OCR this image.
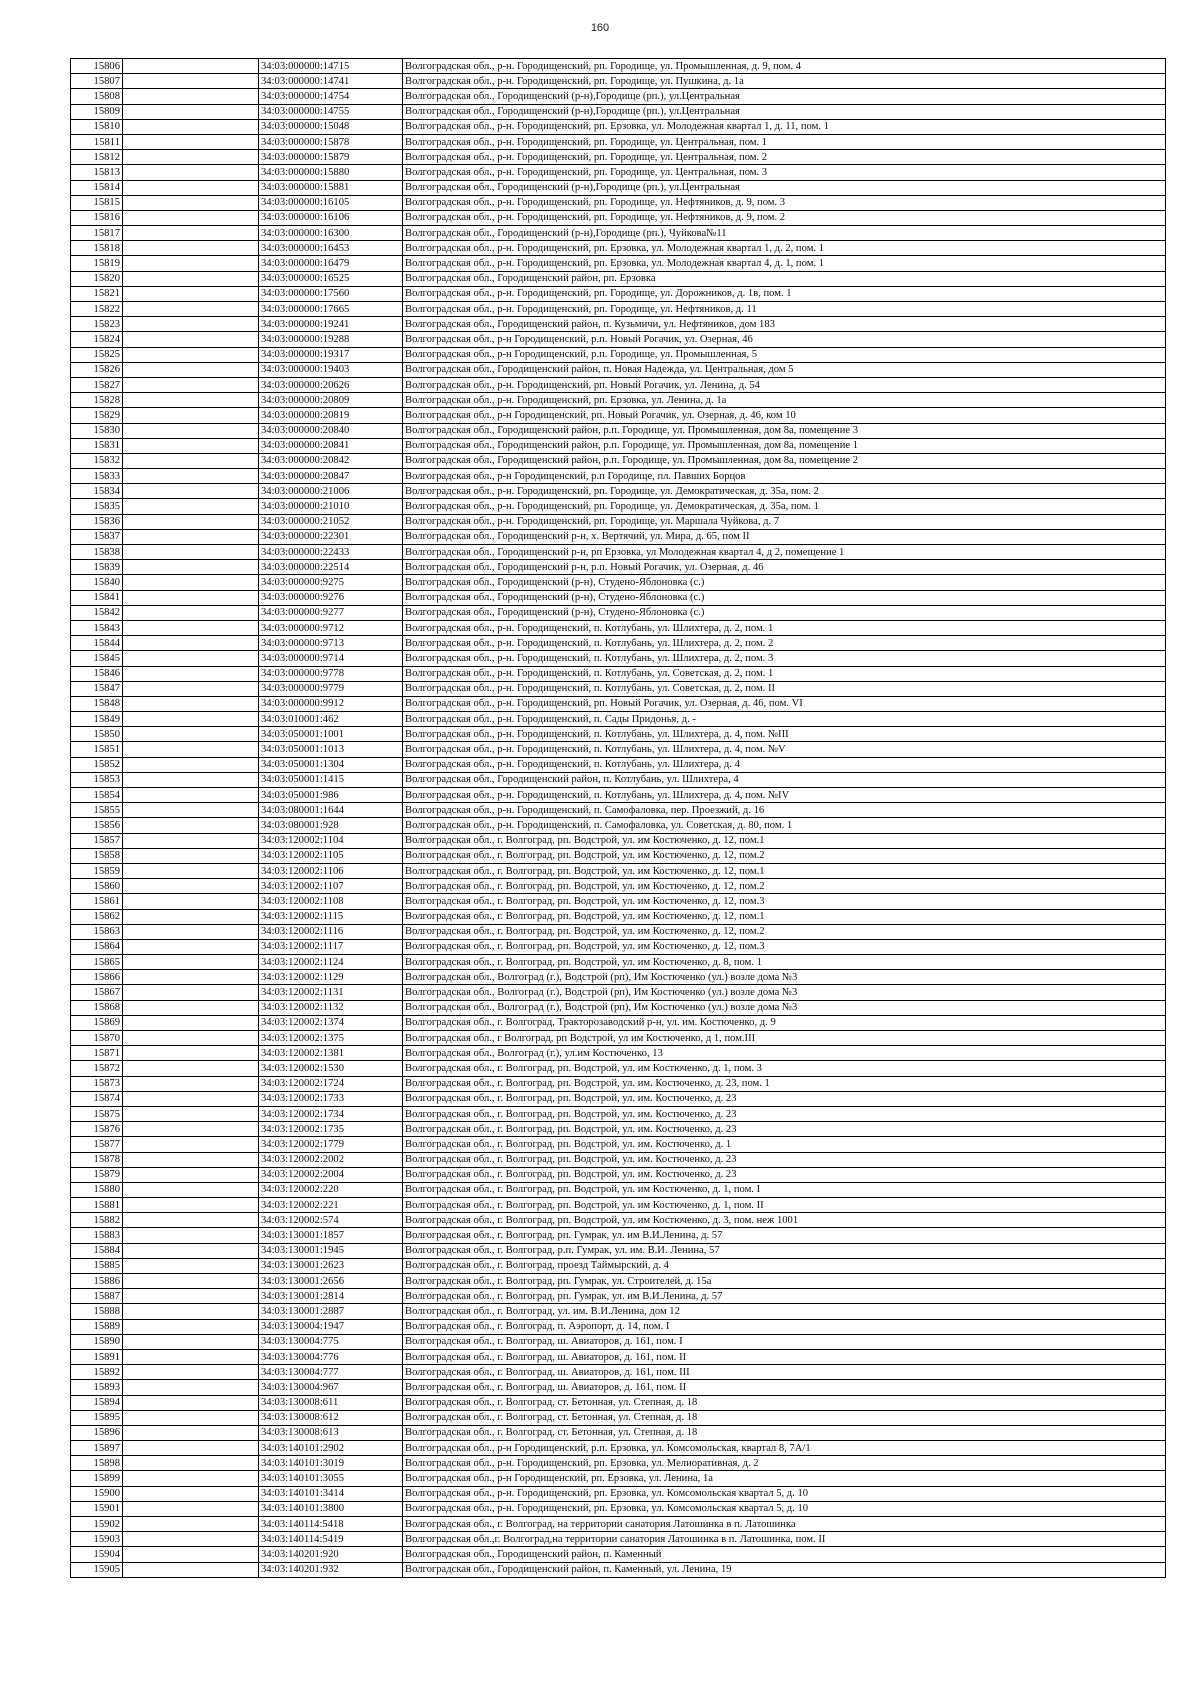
160
15806		34:03:000000:14715	Волгоградская обл., р-н. Городищенский, рп. Городище, ул. Промышленная, д. 9, пом. 4
15807		34:03:000000:14741	Волгоградская обл., р-н. Городищенский, рп. Городище, ул. Пушкина, д. 1а
15808		34:03:000000:14754	Волгоградская обл., Городищенский (р-н),Городище (рп.), ул.Центральная
15809		34:03:000000:14755	Волгоградская обл., Городищенский (р-н),Городище (рп.), ул.Центральная
15810		34:03:000000:15048	Волгоградская обл., р-н. Городищенский, рп. Ерзовка, ул. Молодежная квартал 1, д. 11, пом. 1
15811		34:03:000000:15878	Волгоградская обл., р-н. Городищенский, рп. Городище, ул. Центральная, пом. 1
15812		34:03:000000:15879	Волгоградская обл., р-н. Городищенский, рп. Городище, ул. Центральная, пом. 2
15813		34:03:000000:15880	Волгоградская обл., р-н. Городищенский, рп. Городище, ул. Центральная, пом. 3
15814		34:03:000000:15881	Волгоградская обл., Городищенский (р-н),Городище (рп.), ул.Центральная
15815		34:03:000000:16105	Волгоградская обл., р-н. Городищенский, рп. Городище, ул. Нефтяников, д. 9, пом. 3
15816		34:03:000000:16106	Волгоградская обл., р-н. Городищенский, рп. Городище, ул. Нефтяников, д. 9, пом. 2
15817		34:03:000000:16300	Волгоградская обл., Городищенский (р-н),Городище (рп.), Чуйкова№11
15818		34:03:000000:16453	Волгоградская обл., р-н. Городищенский, рп. Ерзовка, ул. Молодежная квартал 1, д. 2, пом. 1
15819		34:03:000000:16479	Волгоградская обл., р-н. Городищенский, рп. Ерзовка, ул. Молодежная квартал 4, д. 1, пом. 1
15820		34:03:000000:16525	Волгоградская обл., Городищенский район, рп. Ерзовка
15821		34:03:000000:17560	Волгоградская обл., р-н. Городищенский, рп. Городище, ул. Дорожников, д. 1в, пом. 1
15822		34:03:000000:17665	Волгоградская обл., р-н. Городищенский, рп. Городище, ул. Нефтяников, д. 11
15823		34:03:000000:19241	Волгоградская обл., Городищенский район, п. Кузьмичи, ул. Нефтяников, дом 183
15824		34:03:000000:19288	Волгоградская обл., р-н Городищенский, р.п. Новый Рогачик, ул. Озерная, 46
15825		34:03:000000:19317	Волгоградская обл., р-н Городищенский, р.п. Городище, ул. Промышленная, 5
15826		34:03:000000:19403	Волгоградская обл., Городищенский район, п. Новая Надежда, ул. Центральная, дом 5
15827		34:03:000000:20626	Волгоградская обл., р-н. Городищенский, рп. Новый Рогачик, ул. Ленина, д. 54
15828		34:03:000000:20809	Волгоградская обл., р-н. Городищенский, рп. Ерзовка, ул. Ленина, д. 1а
15829		34:03:000000:20819	Волгоградская обл., р-н Городищенский, рп. Новый Рогачик, ул. Озерная, д. 46, ком 10
15830		34:03:000000:20840	Волгоградская обл., Городищенский район, р.п. Городище, ул. Промышленная, дом 8а, помещение 3
15831		34:03:000000:20841	Волгоградская обл., Городищенский район, р.п. Городище, ул. Промышленная, дом 8а, помещение 1
15832		34:03:000000:20842	Волгоградская обл., Городищенский район, р.п. Городище, ул. Промышленная, дом 8а, помещение 2
15833		34:03:000000:20847	Волгоградская обл., р-н Городищенский, р.п Городище, пл. Павших Борцов
15834		34:03:000000:21006	Волгоградская обл., р-н. Городищенский, рп. Городище, ул. Демократическая, д. 35а, пом. 2
15835		34:03:000000:21010	Волгоградская обл., р-н. Городищенский, рп. Городище, ул. Демократическая, д. 35а, пом. 1
15836		34:03:000000:21052	Волгоградская обл., р-н. Городищенский, рп. Городище, ул. Маршала Чуйкова, д. 7
15837		34:03:000000:22301	Волгоградская обл., Городищенский р-н, х. Вертячий, ул. Мира, д. 65, пом II
15838		34:03:000000:22433	Волгоградская обл., Городищенский р-н, рп Ерзовка, ул Молодежная квартал 4, д 2, помещение 1
15839		34:03:000000:22514	Волгоградская обл., Городищенский р-н, р.п. Новый Рогачик, ул. Озерная, д. 46
15840		34:03:000000:9275	Волгоградская обл., Городищенский (р-н), Студено-Яблоновка (с.)
15841		34:03:000000:9276	Волгоградская обл., Городищенский (р-н), Студено-Яблоновка (с.)
15842		34:03:000000:9277	Волгоградская обл., Городищенский (р-н), Студено-Яблоновка (с.)
15843		34:03:000000:9712	Волгоградская обл., р-н. Городищенский, п. Котлубань, ул. Шлихтера, д. 2, пом. 1
15844		34:03:000000:9713	Волгоградская обл., р-н. Городищенский, п. Котлубань, ул. Шлихтера, д. 2, пом. 2
15845		34:03:000000:9714	Волгоградская обл., р-н. Городищенский, п. Котлубань, ул. Шлихтера, д. 2, пом. 3
15846		34:03:000000:9778	Волгоградская обл., р-н. Городищенский, п. Котлубань, ул. Советская, д. 2, пом. 1
15847		34:03:000000:9779	Волгоградская обл., р-н. Городищенский, п. Котлубань, ул. Советская, д. 2, пом. II
15848		34:03:000000:9912	Волгоградская обл., р-н. Городищенский, рп. Новый Рогачик, ул. Озерная, д. 46, пом. VI
15849		34:03:010001:462	Волгоградская обл., р-н. Городищенский, п. Сады Придонья, д. -
15850		34:03:050001:1001	Волгоградская обл., р-н. Городищенский, п. Котлубань, ул. Шлихтера, д. 4, пом. №III
15851		34:03:050001:1013	Волгоградская обл., р-н. Городищенский, п. Котлубань, ул. Шлихтера, д. 4, пом. №V
15852		34:03:050001:1304	Волгоградская обл., р-н. Городищенский, п. Котлубань, ул. Шлихтера, д. 4
15853		34:03:050001:1415	Волгоградская обл., Городищенский район, п. Котлубань, ул. Шлихтера, 4
15854		34:03:050001:986	Волгоградская обл., р-н. Городищенский, п. Котлубань, ул. Шлихтера, д. 4, пом. №IV
15855		34:03:080001:1644	Волгоградская обл., р-н. Городищенский, п. Самофаловка, пер. Проезжий, д. 16
15856		34:03:080001:928	Волгоградская обл., р-н. Городищенский, п. Самофаловка, ул. Советская, д. 80, пом. 1
15857		34:03:120002:1104	Волгоградская обл., г. Волгоград, рп. Водстрой, ул. им Костюченко, д. 12, пом.1
15858		34:03:120002:1105	Волгоградская обл., г. Волгоград, рп. Водстрой, ул. им Костюченко, д. 12, пом.2
15859		34:03:120002:1106	Волгоградская обл., г. Волгоград, рп. Водстрой, ул. им Костюченко, д. 12, пом.1
15860		34:03:120002:1107	Волгоградская обл., г. Волгоград, рп. Водстрой, ул. им Костюченко, д. 12, пом.2
15861		34:03:120002:1108	Волгоградская обл., г. Волгоград, рп. Водстрой, ул. им Костюченко, д. 12, пом.3
15862		34:03:120002:1115	Волгоградская обл., г. Волгоград, рп. Водстрой, ул. им Костюченко, д. 12, пом.1
15863		34:03:120002:1116	Волгоградская обл., г. Волгоград, рп. Водстрой, ул. им Костюченко, д. 12, пом.2
15864		34:03:120002:1117	Волгоградская обл., г. Волгоград, рп. Водстрой, ул. им Костюченко, д. 12, пом.3
15865		34:03:120002:1124	Волгоградская обл., г. Волгоград, рп. Водстрой, ул. им Костюченко, д. 8, пом. 1
15866		34:03:120002:1129	Волгоградская обл., Волгоград (г.), Водстрой (рп), Им Костюченко (ул.) возле дома №3
15867		34:03:120002:1131	Волгоградская обл., Волгоград (г.), Водстрой (рп), Им Костюченко (ул.) возле дома №3
15868		34:03:120002:1132	Волгоградская обл., Волгоград (г.), Водстрой (рп), Им Костюченко (ул.) возле дома №3
15869		34:03:120002:1374	Волгоградская обл., г. Волгоград, Тракторозаводский р-н, ул. им. Костюченко, д. 9
15870		34:03:120002:1375	Волгоградская обл., г Волгоград, рп Водстрой, ул им Костюченко, д 1, пом.III
15871		34:03:120002:1381	Волгоградская обл., Волгоград (г.), ул.им Костюченко, 13
15872		34:03:120002:1530	Волгоградская обл., г. Волгоград, рп. Водстрой, ул. им Костюченко, д. 1, пом. 3
15873		34:03:120002:1724	Волгоградская обл., г. Волгоград, рп. Водстрой, ул. им. Костюченко, д. 23, пом. 1
15874		34:03:120002:1733	Волгоградская обл., г. Волгоград, рп. Водстрой, ул. им. Костюченко, д. 23
15875		34:03:120002:1734	Волгоградская обл., г. Волгоград, рп. Водстрой, ул. им. Костюченко, д. 23
15876		34:03:120002:1735	Волгоградская обл., г. Волгоград, рп. Водстрой, ул. им. Костюченко, д. 23
15877		34:03:120002:1779	Волгоградская обл., г. Волгоград, рп. Водстрой, ул. им. Костюченко, д. 1
15878		34:03:120002:2002	Волгоградская обл., г. Волгоград, рп. Водстрой, ул. им. Костюченко, д. 23
15879		34:03:120002:2004	Волгоградская обл., г. Волгоград, рп. Водстрой, ул. им. Костюченко, д. 23
15880		34:03:120002:220	Волгоградская обл., г. Волгоград, рп. Водстрой, ул. им Костюченко, д. 1, пом. I
15881		34:03:120002:221	Волгоградская обл., г. Волгоград, рп. Водстрой, ул. им Костюченко, д. 1, пом. II
15882		34:03:120002:574	Волгоградская обл., г. Волгоград, рп. Водстрой, ул. им Костюченко, д. 3, пом. неж 1001
15883		34:03:130001:1857	Волгоградская обл., г. Волгоград, рп. Гумрак, ул. им В.И.Ленина, д. 57
15884		34:03:130001:1945	Волгоградская обл., г. Волгоград, р.п. Гумрак, ул. им. В.И. Ленина, 57
15885		34:03:130001:2623	Волгоградская обл., г. Волгоград, проезд Таймырский, д. 4
15886		34:03:130001:2656	Волгоградская обл., г. Волгоград, рп. Гумрак, ул. Строителей, д. 15а
15887		34:03:130001:2814	Волгоградская обл., г. Волгоград, рп. Гумрак, ул. им В.И.Ленина, д. 57
15888		34:03:130001:2887	Волгоградская обл., г. Волгоград, ул. им. В.И.Ленина, дом 12
15889		34:03:130004:1947	Волгоградская обл., г. Волгоград, п. Аэропорт, д. 14, пом. I
15890		34:03:130004:775	Волгоградская обл., г. Волгоград, ш. Авиаторов, д. 161, пом. I
15891		34:03:130004:776	Волгоградская обл., г. Волгоград, ш. Авиаторов, д. 161, пом. II
15892		34:03:130004:777	Волгоградская обл., г. Волгоград, ш. Авиаторов, д. 161, пом. III
15893		34:03:130004:967	Волгоградская обл., г. Волгоград, ш. Авиаторов, д. 161, пом. II
15894		34:03:130008:611	Волгоградская обл., г. Волгоград, ст. Бетонная, ул. Степная, д. 18
15895		34:03:130008:612	Волгоградская обл., г. Волгоград, ст. Бетонная, ул. Степная, д. 18
15896		34:03:130008:613	Волгоградская обл., г. Волгоград, ст. Бетонная, ул. Степная, д. 18
15897		34:03:140101:2902	Волгоградская обл., р-н Городищенский, р.п. Ерзовка, ул. Комсомольская, квартал 8, 7А/1
15898		34:03:140101:3019	Волгоградская обл., р-н. Городищенский, рп. Ерзовка, ул. Мелиоративная, д. 2
15899		34:03:140101:3055	Волгоградская обл., р-н Городищенский, рп. Ерзовка, ул. Ленина, 1а
15900		34:03:140101:3414	Волгоградская обл., р-н. Городищенский, рп. Ерзовка, ул. Комсомольская квартал 5, д. 10
15901		34:03:140101:3800	Волгоградская обл., р-н. Городищенский, рп. Ерзовка, ул. Комсомольская квартал 5, д. 10
15902		34:03:140114:5418	Волгоградская обл., г. Волгоград, на территории санатория Латошинка в п. Латошинка
15903		34:03:140114:5419	Волгоградская обл.,г. Волгоград,на территории санатория Латошинка в п. Латошинка, пом. II
15904		34:03:140201:920	Волгоградская обл., Городищенский район, п. Каменный
15905		34:03:140201:932	Волгоградская обл., Городищенский район, п. Каменный, ул. Ленина, 19
